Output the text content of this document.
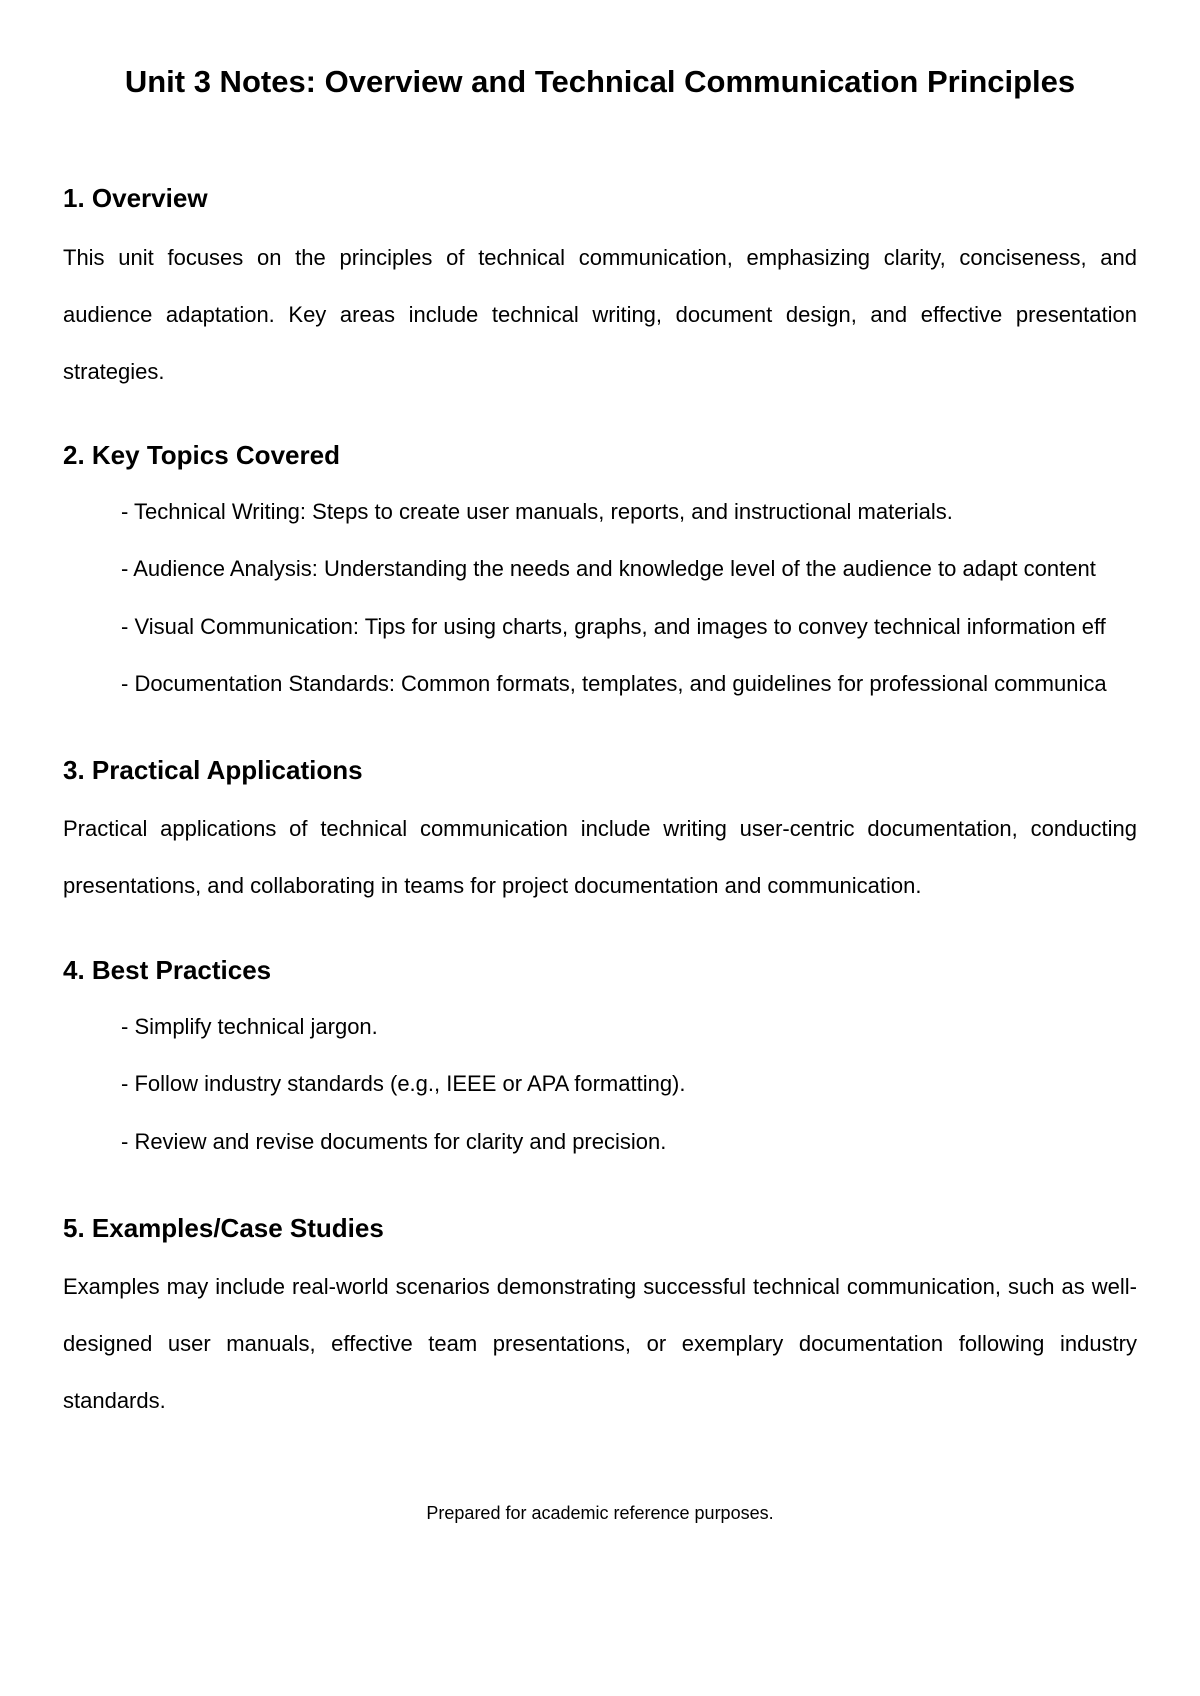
Unit 3 Notes: Overview and Technical Communication Principles
1. Overview

This unit focuses on the principles of technical communication, emphasizing clarity, conciseness, and audience adaptation. Key areas include technical writing, document design, and effective presentation strategies.

2. Key Topics Covered

- Technical Writing: Steps to create user manuals, reports, and instructional materials.

- Audience Analysis: Understanding the needs and knowledge level of the audience to adapt content

- Visual Communication: Tips for using charts, graphs, and images to convey technical information eff

- Documentation Standards: Common formats, templates, and guidelines for professional communica

3. Practical Applications

Practical applications of technical communication include writing user-centric documentation, conducting presentations, and collaborating in teams for project documentation and communication.

4. Best Practices

- Simplify technical jargon.

- Follow industry standards (e.g., IEEE or APA formatting).

- Review and revise documents for clarity and precision.

5. Examples/Case Studies

Examples may include real-world scenarios demonstrating successful technical communication, such as well-designed user manuals, effective team presentations, or exemplary documentation following industry standards.

Prepared for academic reference purposes.
